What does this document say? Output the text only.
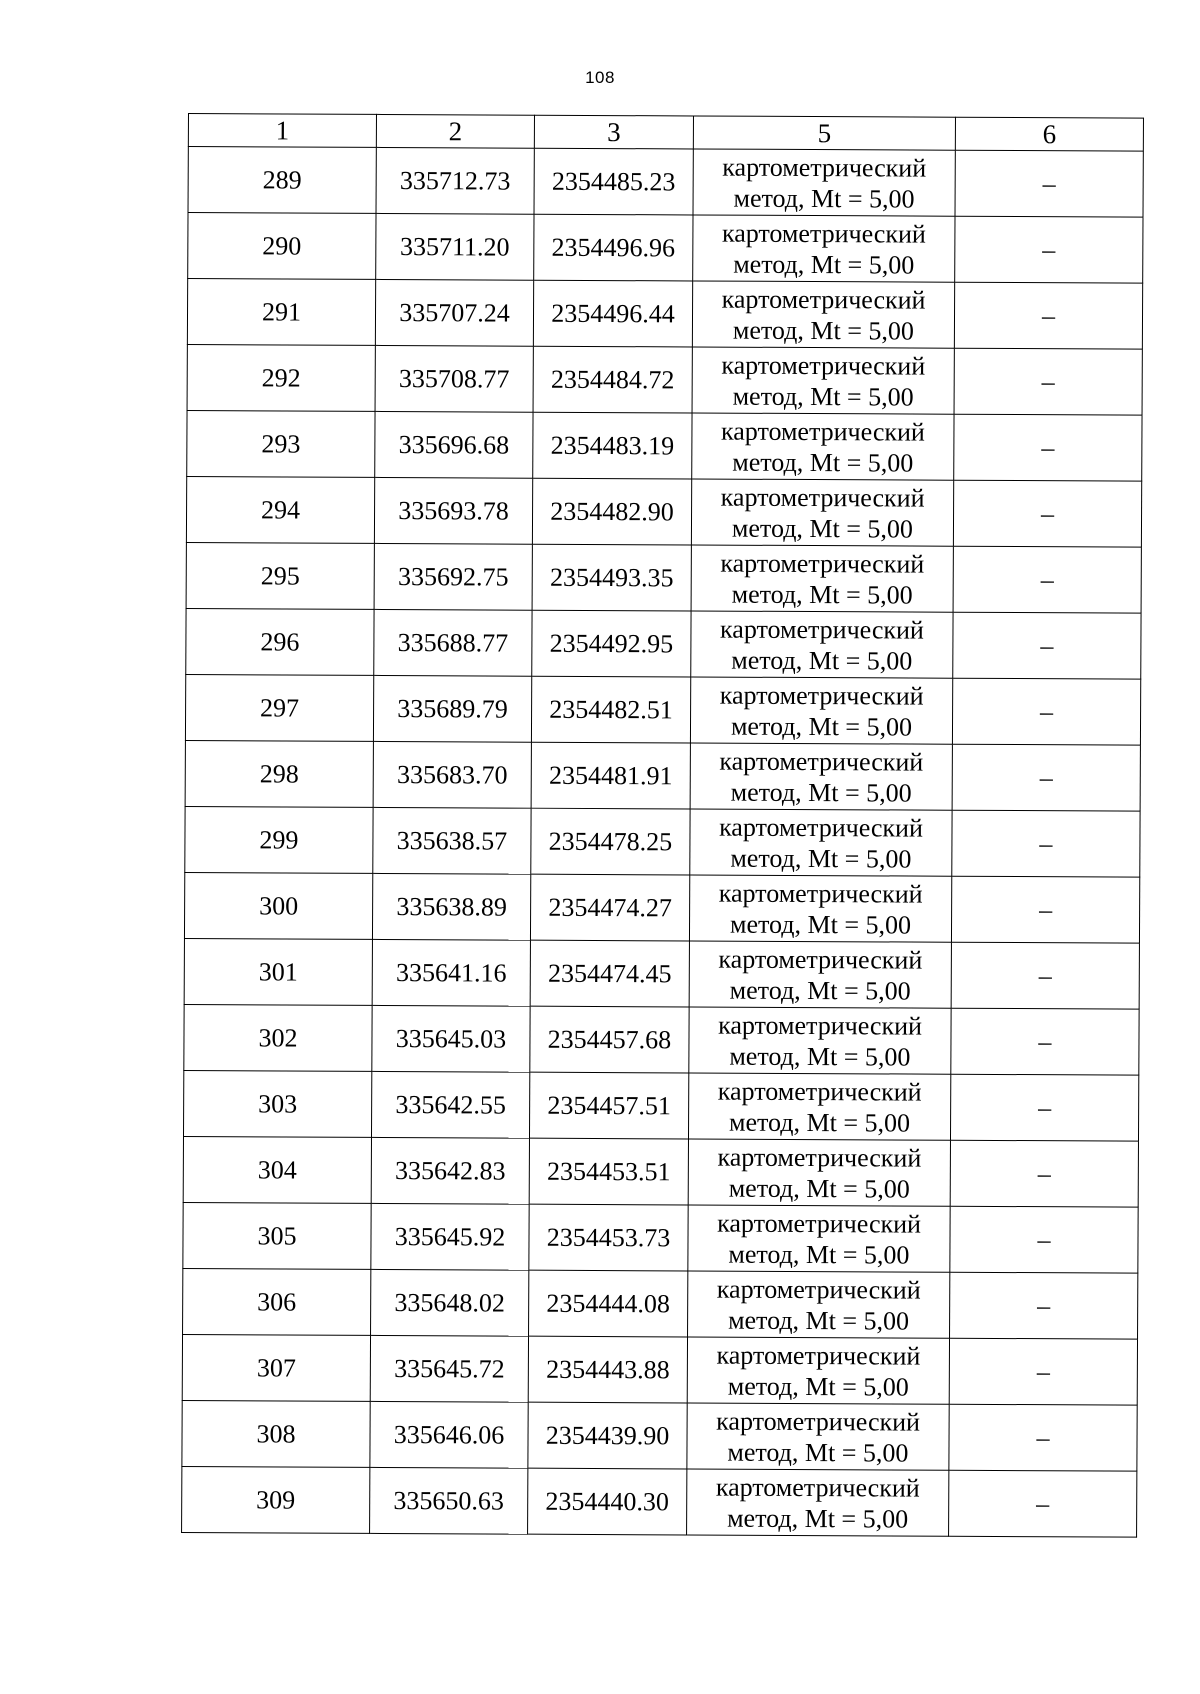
108
1	2	3	5	6
289	335712.73	2354485.23	картометрический
метод, Mt = 5,00	–
290	335711.20	2354496.96	картометрический
метод, Mt = 5,00	–
291	335707.24	2354496.44	картометрический
метод, Mt = 5,00	–
292	335708.77	2354484.72	картометрический
метод, Mt = 5,00	–
293	335696.68	2354483.19	картометрический
метод, Mt = 5,00	–
294	335693.78	2354482.90	картометрический
метод, Mt = 5,00	–
295	335692.75	2354493.35	картометрический
метод, Mt = 5,00	–
296	335688.77	2354492.95	картометрический
метод, Mt = 5,00	–
297	335689.79	2354482.51	картометрический
метод, Mt = 5,00	–
298	335683.70	2354481.91	картометрический
метод, Mt = 5,00	–
299	335638.57	2354478.25	картометрический
метод, Mt = 5,00	–
300	335638.89	2354474.27	картометрический
метод, Mt = 5,00	–
301	335641.16	2354474.45	картометрический
метод, Mt = 5,00	–
302	335645.03	2354457.68	картометрический
метод, Mt = 5,00	–
303	335642.55	2354457.51	картометрический
метод, Mt = 5,00	–
304	335642.83	2354453.51	картометрический
метод, Mt = 5,00	–
305	335645.92	2354453.73	картометрический
метод, Mt = 5,00	–
306	335648.02	2354444.08	картометрический
метод, Mt = 5,00	–
307	335645.72	2354443.88	картометрический
метод, Mt = 5,00	–
308	335646.06	2354439.90	картометрический
метод, Mt = 5,00	–
309	335650.63	2354440.30	картометрический
метод, Mt = 5,00	–
